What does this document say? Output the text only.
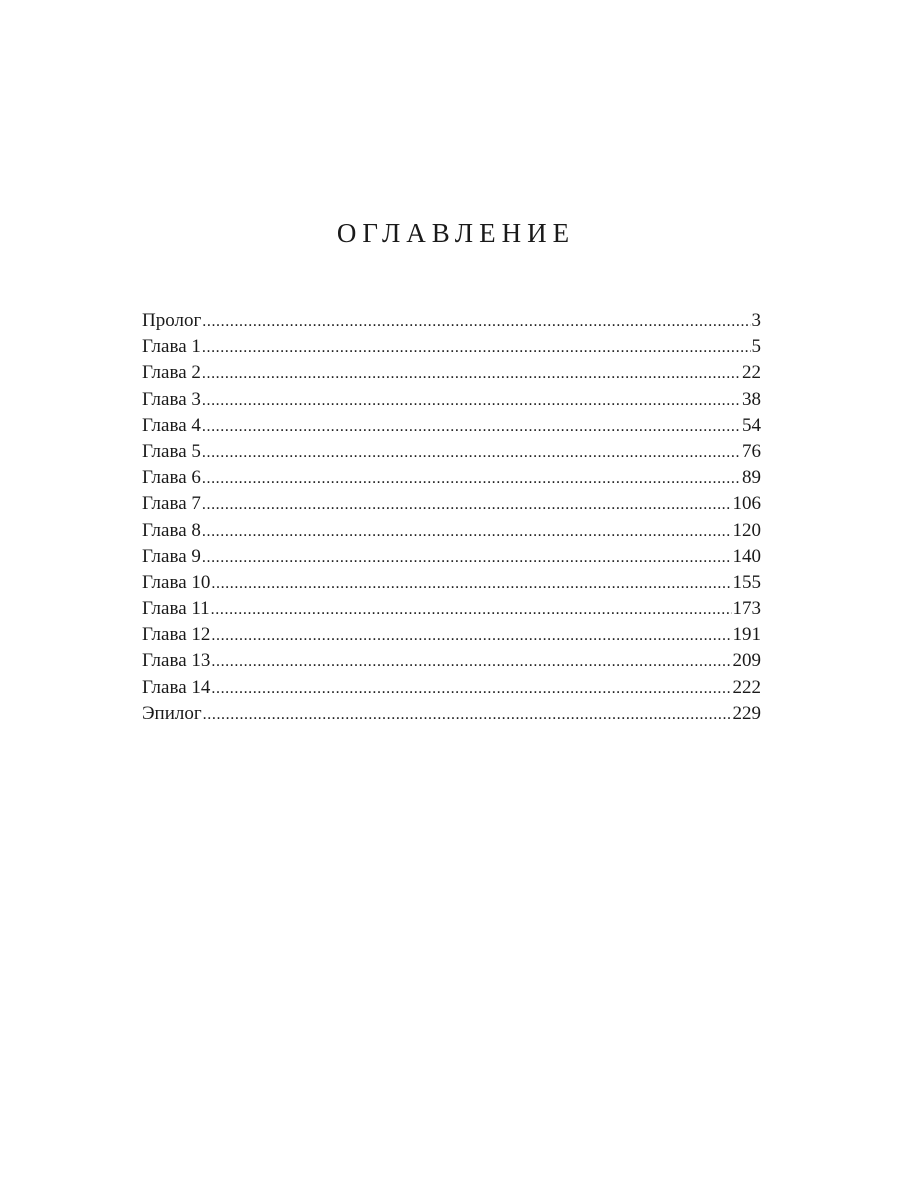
ОГЛАВЛЕНИЕ
Пролог .....	3
Глава 1 .....	5
Глава 2 .....	22
Глава 3 .....	38
Глава 4 .....	54
Глава 5 .....	76
Глава 6 .....	89
Глава 7 .....	106
Глава 8 .....	120
Глава 9 .....	140
Глава 10 .....	155
Глава 11 .....	173
Глава 12 .....	191
Глава 13 .....	209
Глава 14 .....	222
Эпилог .....	229
